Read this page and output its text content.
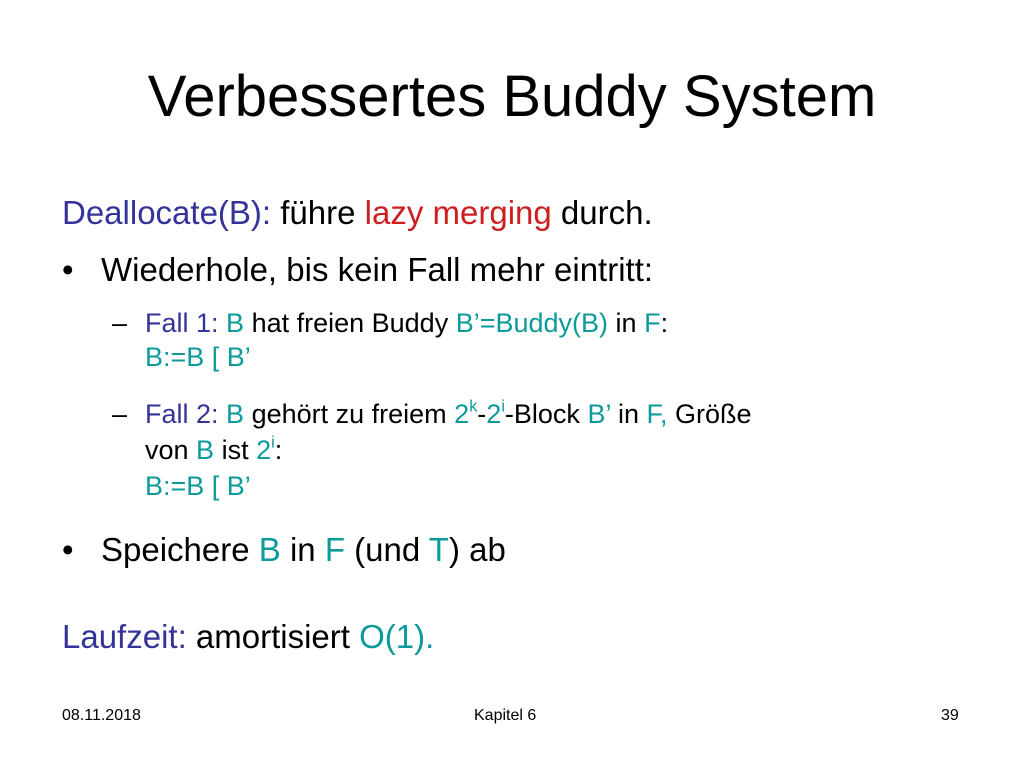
Verbessertes Buddy System
Deallocate(B): führe lazy merging durch.
• Wiederhole, bis kein Fall mehr eintritt:
– Fall 1: B hat freien Buddy B’=Buddy(B) in F:
B:=B [ B’
– Fall 2: B gehört zu freiem 2$^k$-2$^i$-Block B’ in F, Größe
von B ist 2$^i$:
B:=B [ B’
• Speichere B in F (und T) ab
Laufzeit: amortisiert O(1).
08.11.2018	Kapitel 6	39
